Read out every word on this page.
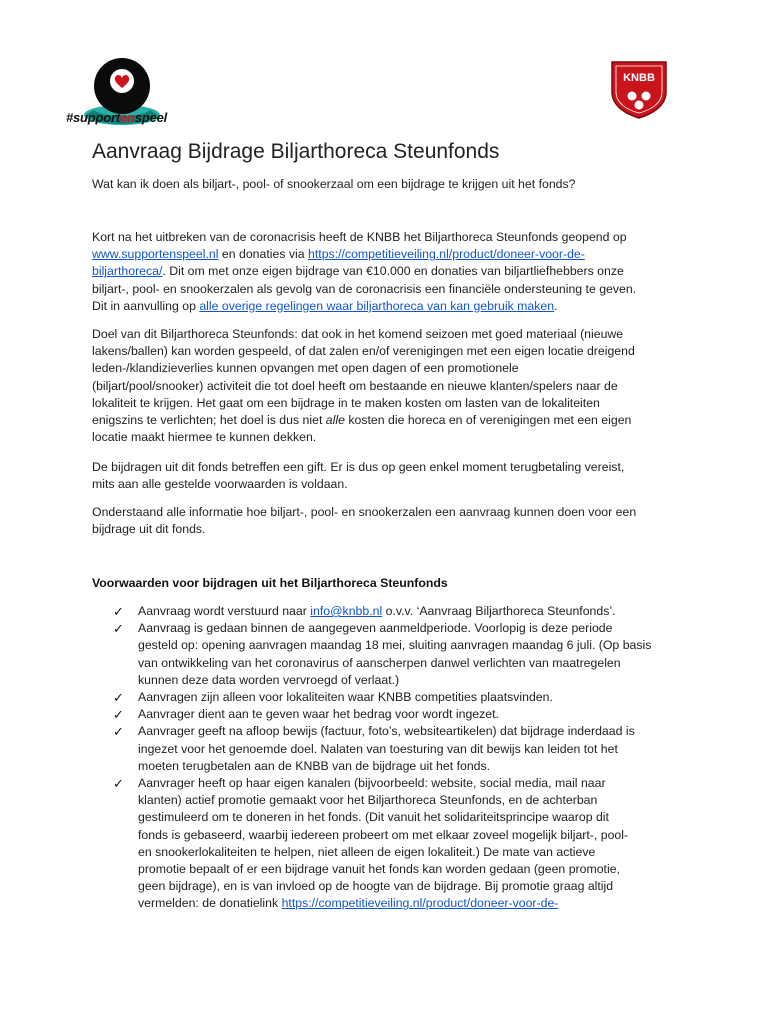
#supportenspeel
KNBB
Aanvraag Bijdrage Biljarthoreca Steunfonds

Wat kan ik doen als biljart-, pool- of snookerzaal om een bijdrage te krijgen uit het fonds?

Kort na het uitbreken van de coronacrisis heeft de KNBB het Biljarthoreca Steunfonds geopend op
www.supportenspeel.nl en donaties via https://competitieveiling.nl/product/doneer-voor-de-
biljarthoreca/. Dit om met onze eigen bijdrage van €10.000 en donaties van biljartliefhebbers onze
biljart-, pool- en snookerzalen als gevolg van de coronacrisis een financiële ondersteuning te geven.
Dit in aanvulling op alle overige regelingen waar biljarthoreca van kan gebruik maken.
Doel van dit Biljarthoreca Steunfonds: dat ook in het komend seizoen met goed materiaal (nieuwe
lakens/ballen) kan worden gespeeld, of dat zalen en/of verenigingen met een eigen locatie dreigend
leden-/klandizieverlies kunnen opvangen met open dagen of een promotionele
(biljart/pool/snooker) activiteit die tot doel heeft om bestaande en nieuwe klanten/spelers naar de
lokaliteit te krijgen. Het gaat om een bijdrage in te maken kosten om lasten van de lokaliteiten
enigszins te verlichten; het doel is dus niet alle kosten die horeca en of verenigingen met een eigen
locatie maakt hiermee te kunnen dekken.
De bijdragen uit dit fonds betreffen een gift. Er is dus op geen enkel moment terugbetaling vereist,
mits aan alle gestelde voorwaarden is voldaan.
Onderstaand alle informatie hoe biljart-, pool- en snookerzalen een aanvraag kunnen doen voor een
bijdrage uit dit fonds.
Voorwaarden voor bijdragen uit het Biljarthoreca Steunfonds
✓ Aanvraag wordt verstuurd naar info@knbb.nl o.v.v. ‘Aanvraag Biljarthoreca Steunfonds’.
✓ Aanvraag is gedaan binnen de aangegeven aanmeldperiode. Voorlopig is deze periode
gesteld op: opening aanvragen maandag 18 mei, sluiting aanvragen maandag 6 juli. (Op basis
van ontwikkeling van het coronavirus of aanscherpen danwel verlichten van maatregelen
kunnen deze data worden vervroegd of verlaat.)
✓ Aanvragen zijn alleen voor lokaliteiten waar KNBB competities plaatsvinden.
✓ Aanvrager dient aan te geven waar het bedrag voor wordt ingezet.
✓ Aanvrager geeft na afloop bewijs (factuur, foto’s, websiteartikelen) dat bijdrage inderdaad is
ingezet voor het genoemde doel. Nalaten van toesturing van dit bewijs kan leiden tot het
moeten terugbetalen aan de KNBB van de bijdrage uit het fonds.
✓ Aanvrager heeft op haar eigen kanalen (bijvoorbeeld: website, social media, mail naar
klanten) actief promotie gemaakt voor het Biljarthoreca Steunfonds, en de achterban
gestimuleerd om te doneren in het fonds. (Dit vanuit het solidariteitsprincipe waarop dit
fonds is gebaseerd, waarbij iedereen probeert om met elkaar zoveel mogelijk biljart-, pool-
en snookerlokaliteiten te helpen, niet alleen de eigen lokaliteit.) De mate van actieve
promotie bepaalt of er een bijdrage vanuit het fonds kan worden gedaan (geen promotie,
geen bijdrage), en is van invloed op de hoogte van de bijdrage. Bij promotie graag altijd
vermelden: de donatielink https://competitieveiling.nl/product/doneer-voor-de-
